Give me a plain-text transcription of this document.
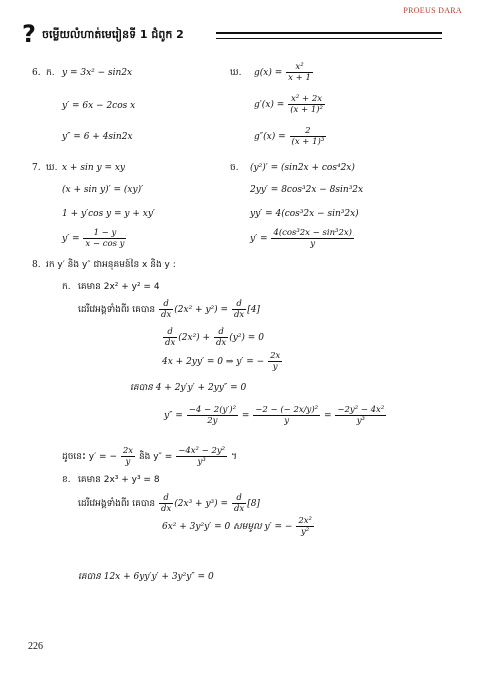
PROEUS DARA
? ចម្លើយលំហាត់មេរៀនទី 1 ជំពូក 2
6. ក. y = 3x² − sin2x
y′ = 6x − 2cos x
y″ = 6 + 4sin2x
ឃ. $g(x) = \frac{\text{x²}}{x + 1}$
$g'(x) = \frac{\text{x² + 2x}}{\text{(x + 1)²}}$
$g''(x) = \frac{2}{\text{(x + 1)³}}$
7. ឃ. x + sin y = xy
(x + sin y)′ = (xy)′
1 + y′cos y = y + xy′
$y' = \frac{1 - y}{\text{x − cos y}}$
ច. (y²)′ = (sin2x + cos⁴2x)
2yy′ = 8cos³2x − 8sin³2x
yy′ = 4(cos³2x − sin³2x)
$y' = \frac{\text{4(cos³2x − sin³2x)}}{y}$
8. រក y′ និង y″ ជាអនុគមន៍នៃ x និង y :
ក. គេមាន 2x² + y² = 4
ដេរីវេអង្គទាំងពីរ គេបាន $\frac{d}{dx} (2x^2 + y^2) = \frac{d}{dx} [4]$
$\frac{d}{dx} (2x^2) + \frac{d}{dx} (y^2) = 0$
4x + 2yy′ = 0 ⇒ y′ = − $\frac{2x}{y}$
គេបាន 4 + 2y′y′ + 2yy″ = 0
$y'' = \frac{\text{−4 − 2(y′)²}}{2y} = \frac{\text{−2 − (− 2x/y)²}}{y} = \frac{\text{−2y² − 4x²}}{\text{y³}}$
ដូចនេះ y′ = − $\frac{2x}{y}$ និង $y'' = \frac{\text{−4x² − 2y²}}{\text{y³}}$ ។
ខ. គេមាន 2x³ + y³ = 8
ដេរីវេអង្គទាំងពីរ គេបាន $\frac{d}{dx} (2x^3 + y^3) = \frac{d}{dx} [8]$
6x² + 3y²y′ = 0 សមមូល y′ = − $\frac{\text{2x²}}{\text{y²}}$
គេបាន 12x + 6yy′y′ + 3y²y″ = 0
226
